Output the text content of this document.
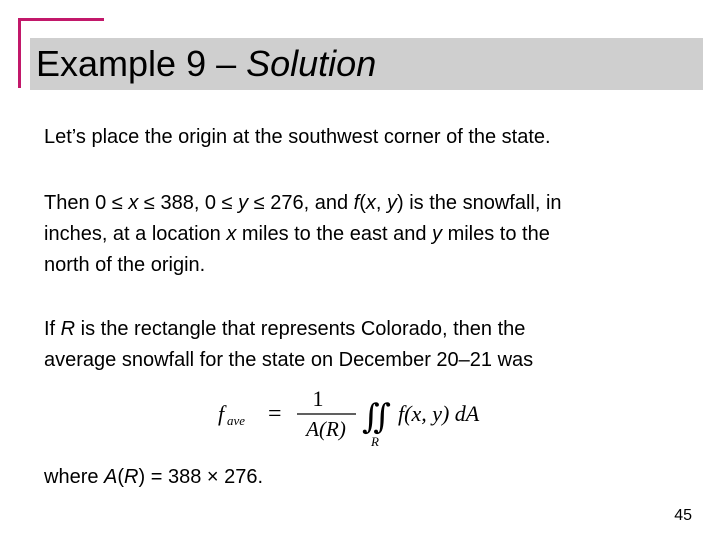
Example 9 – Solution
Let’s place the origin at the southwest corner of the state.
Then 0 ≤ x ≤ 388, 0 ≤ y ≤ 276, and f(x, y) is the snowfall, in
inches, at a location x miles to the east and y miles to the
north of the origin.
If R is the rectangle that represents Colorado, then the
average snowfall for the state on December 20–21 was
f ave =
1
A(R) ∬
R
f(x, y) dA
where A(R) = 388 × 276.
45
